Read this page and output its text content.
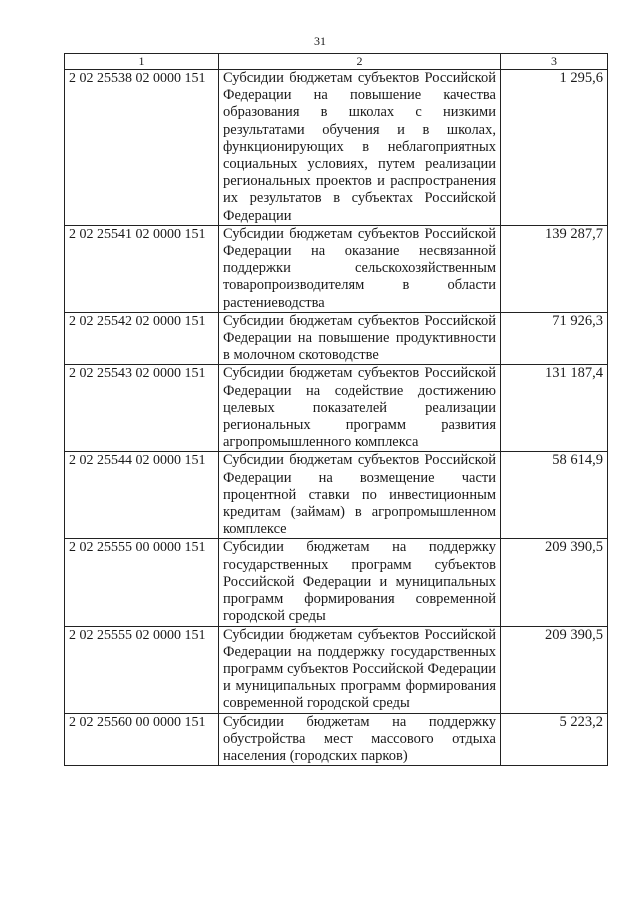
31
1	2	3
2 02 25538 02 0000 151	Субсидии бюджетам субъектов Российской Федерации на повышение качества образования в школах с низкими результатами обучения и в школах, функционирующих в неблагоприятных социальных условиях, путем реализации региональных проектов и распространения их результатов в субъектах Российской Федерации	1 295,6
2 02 25541 02 0000 151	Субсидии бюджетам субъектов Российской Федерации на оказание несвязанной поддержки сельскохозяйственным товаропроизводителям в области растениеводства	139 287,7
2 02 25542 02 0000 151	Субсидии бюджетам субъектов Российской Федерации на повышение продуктивности в молочном скотоводстве	71 926,3
2 02 25543 02 0000 151	Субсидии бюджетам субъектов Российской Федерации на содействие достижению целевых показателей реализации региональных программ развития агропромышленного комплекса	131 187,4
2 02 25544 02 0000 151	Субсидии бюджетам субъектов Российской Федерации на возмещение части процентной ставки по инвестиционным кредитам (займам) в агропромышленном комплексе	58 614,9
2 02 25555 00 0000 151	Субсидии бюджетам на поддержку государственных программ субъектов Российской Федерации и муниципальных программ формирования современной городской среды	209 390,5
2 02 25555 02 0000 151	Субсидии бюджетам субъектов Российской Федерации на поддержку государственных программ субъектов Российской Федерации и муниципальных программ формирования современной городской среды	209 390,5
2 02 25560 00 0000 151	Субсидии бюджетам на поддержку обустройства мест массового отдыха населения (городских парков)	5 223,2
